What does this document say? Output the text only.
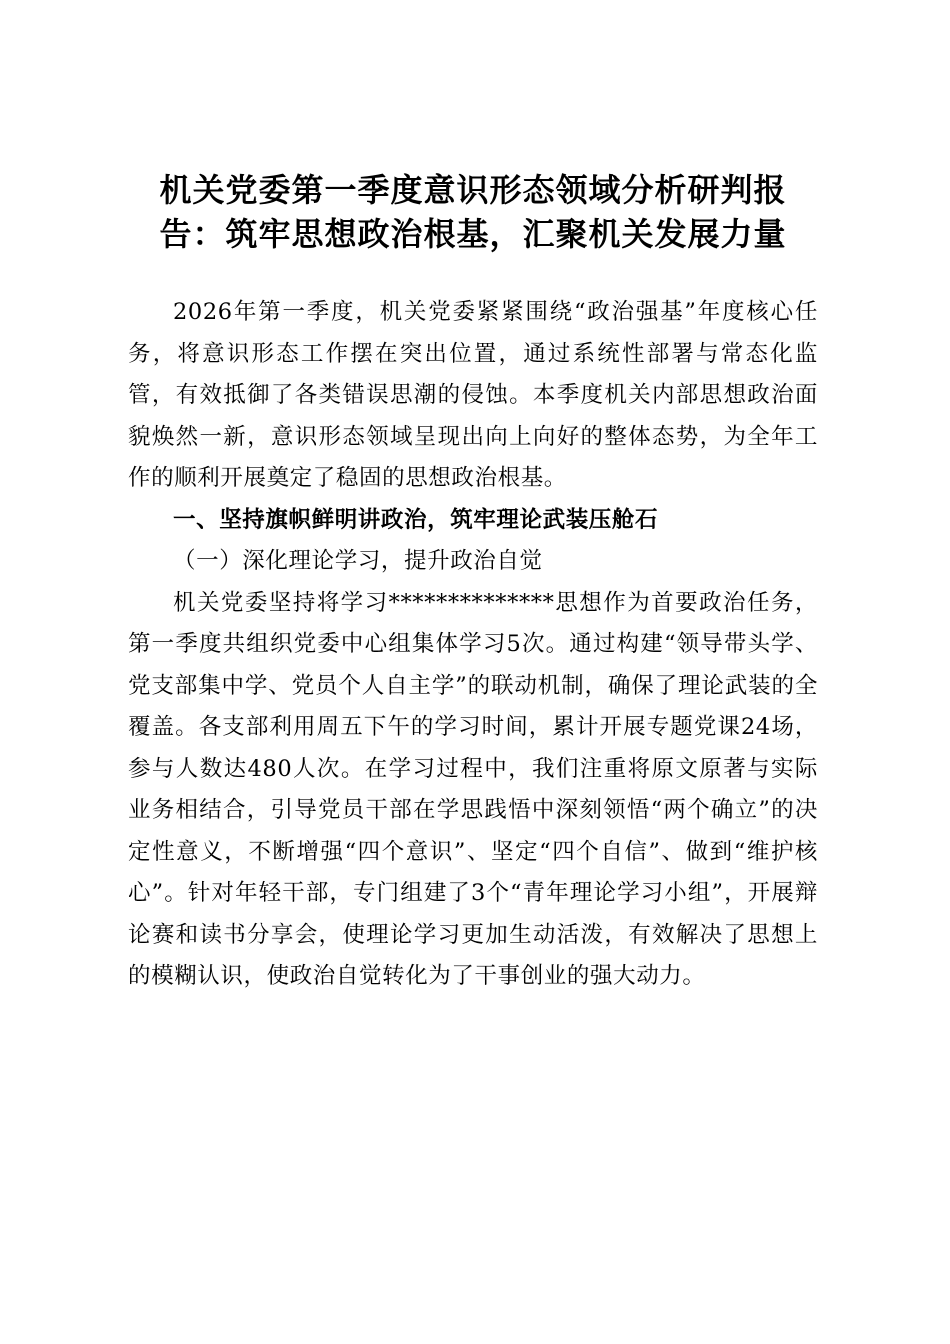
机关党委第一季度意识形态领域分析研判报
告：筑牢思想政治根基，汇聚机关发展力量

2026年第一季度，机关党委紧紧围绕“政治强基”年度核心任务，将意识形态工作摆在突出位置，通过系统性部署与常态化监管，有效抵御了各类错误思潮的侵蚀。本季度机关内部思想政治面貌焕然一新，意识形态领域呈现出向上向好的整体态势，为全年工作的顺利开展奠定了稳固的思想政治根基。

一、坚持旗帜鲜明讲政治，筑牢理论武装压舱石

（一）深化理论学习，提升政治自觉

机关党委坚持将学习**************思想作为首要政治任务，第一季度共组织党委中心组集体学习5次。通过构建“领导带头学、党支部集中学、党员个人自主学”的联动机制，确保了理论武装的全覆盖。各支部利用周五下午的学习时间，累计开展专题党课24场，参与人数达480人次。在学习过程中，我们注重将原文原著与实际业务相结合，引导党员干部在学思践悟中深刻领悟“两个确立”的决定性意义，不断增强“四个意识”、坚定“四个自信”、做到“维护核心”。针对年轻干部，专门组建了3个“青年理论学习小组”，开展辩论赛和读书分享会，使理论学习更加生动活泼，有效解决了思想上的模糊认识，使政治自觉转化为了干事创业的强大动力。
